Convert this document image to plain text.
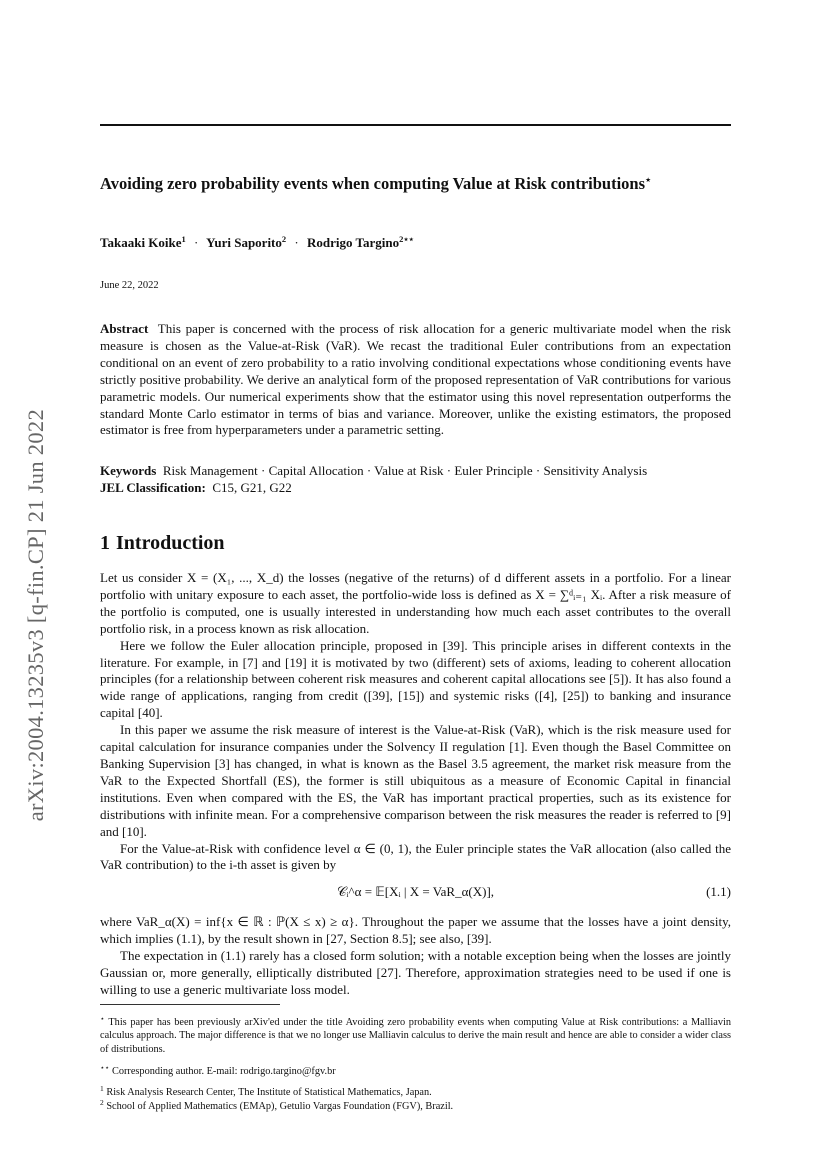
arXiv:2004.13235v3 [q-fin.CP] 21 Jun 2022
Avoiding zero probability events when computing Value at Risk contributions⋆
Takaaki Koike$^1$ · Yuri Saporito$^2$ · Rodrigo Targino$^{2⋆⋆}$
June 22, 2022
Abstract This paper is concerned with the process of risk allocation for a generic multivariate model when the risk measure is chosen as the Value-at-Risk (VaR). We recast the traditional Euler contributions from an expectation conditional on an event of zero probability to a ratio involving conditional expectations whose conditioning events have strictly positive probability. We derive an analytical form of the proposed representation of VaR contributions for various parametric models. Our numerical experiments show that the estimator using this novel representation outperforms the standard Monte Carlo estimator in terms of bias and variance. Moreover, unlike the existing estimators, the proposed estimator is free from hyperparameters under a parametric setting.
Keywords Risk Management · Capital Allocation · Value at Risk · Euler Principle · Sensitivity Analysis
JEL Classification: C15, G21, G22
1 Introduction

Let us consider X = (X₁, ..., X_d) the losses (negative of the returns) of d different assets in a portfolio. For a linear portfolio with unitary exposure to each asset, the portfolio-wide loss is defined as X = ∑ᵈᵢ₌₁ Xᵢ. After a risk measure of the portfolio is computed, one is usually interested in understanding how much each asset contributes to the overall portfolio risk, in a process known as risk allocation.

Here we follow the Euler allocation principle, proposed in [39]. This principle arises in different contexts in the literature. For example, in [7] and [19] it is motivated by two (different) sets of axioms, leading to coherent allocation principles (for a relationship between coherent risk measures and coherent capital allocations see [5]). It has also found a wide range of applications, ranging from credit ([39], [15]) and systemic risks ([4], [25]) to banking and insurance capital [40].

In this paper we assume the risk measure of interest is the Value-at-Risk (VaR), which is the risk measure used for capital calculation for insurance companies under the Solvency II regulation [1]. Even though the Basel Committee on Banking Supervision [3] has changed, in what is known as the Basel 3.5 agreement, the market risk measure from the VaR to the Expected Shortfall (ES), the former is still ubiquitous as a measure of Economic Capital in financial institutions. Even when compared with the ES, the VaR has important practical properties, such as its existence for distributions with infinite mean. For a comprehensive comparison between the risk measures the reader is referred to [9] and [10].

For the Value-at-Risk with confidence level α ∈ (0, 1), the Euler principle states the VaR allocation (also called the VaR contribution) to the i-th asset is given by

𝒞ᵢ^α = 𝔼[Xᵢ | X = VaR_α(X)],	(1.1)

where VaR_α(X) = inf{x ∈ ℝ : ℙ(X ≤ x) ≥ α}. Throughout the paper we assume that the losses have a joint density, which implies (1.1), by the result shown in [27, Section 8.5]; see also, [39].

The expectation in (1.1) rarely has a closed form solution; with a notable exception being when the losses are jointly Gaussian or, more generally, elliptically distributed [27]. Therefore, approximation strategies need to be used if one is willing to use a generic multivariate loss model.

⋆ This paper has been previously arXiv'ed under the title Avoiding zero probability events when computing Value at Risk contributions: a Malliavin calculus approach. The major difference is that we no longer use Malliavin calculus to derive the main result and hence are able to consider a wider class of distributions.
⋆⋆ Corresponding author. E-mail: rodrigo.targino@fgv.br
$^1$ Risk Analysis Research Center, The Institute of Statistical Mathematics, Japan.
$^2$ School of Applied Mathematics (EMAp), Getulio Vargas Foundation (FGV), Brazil.
